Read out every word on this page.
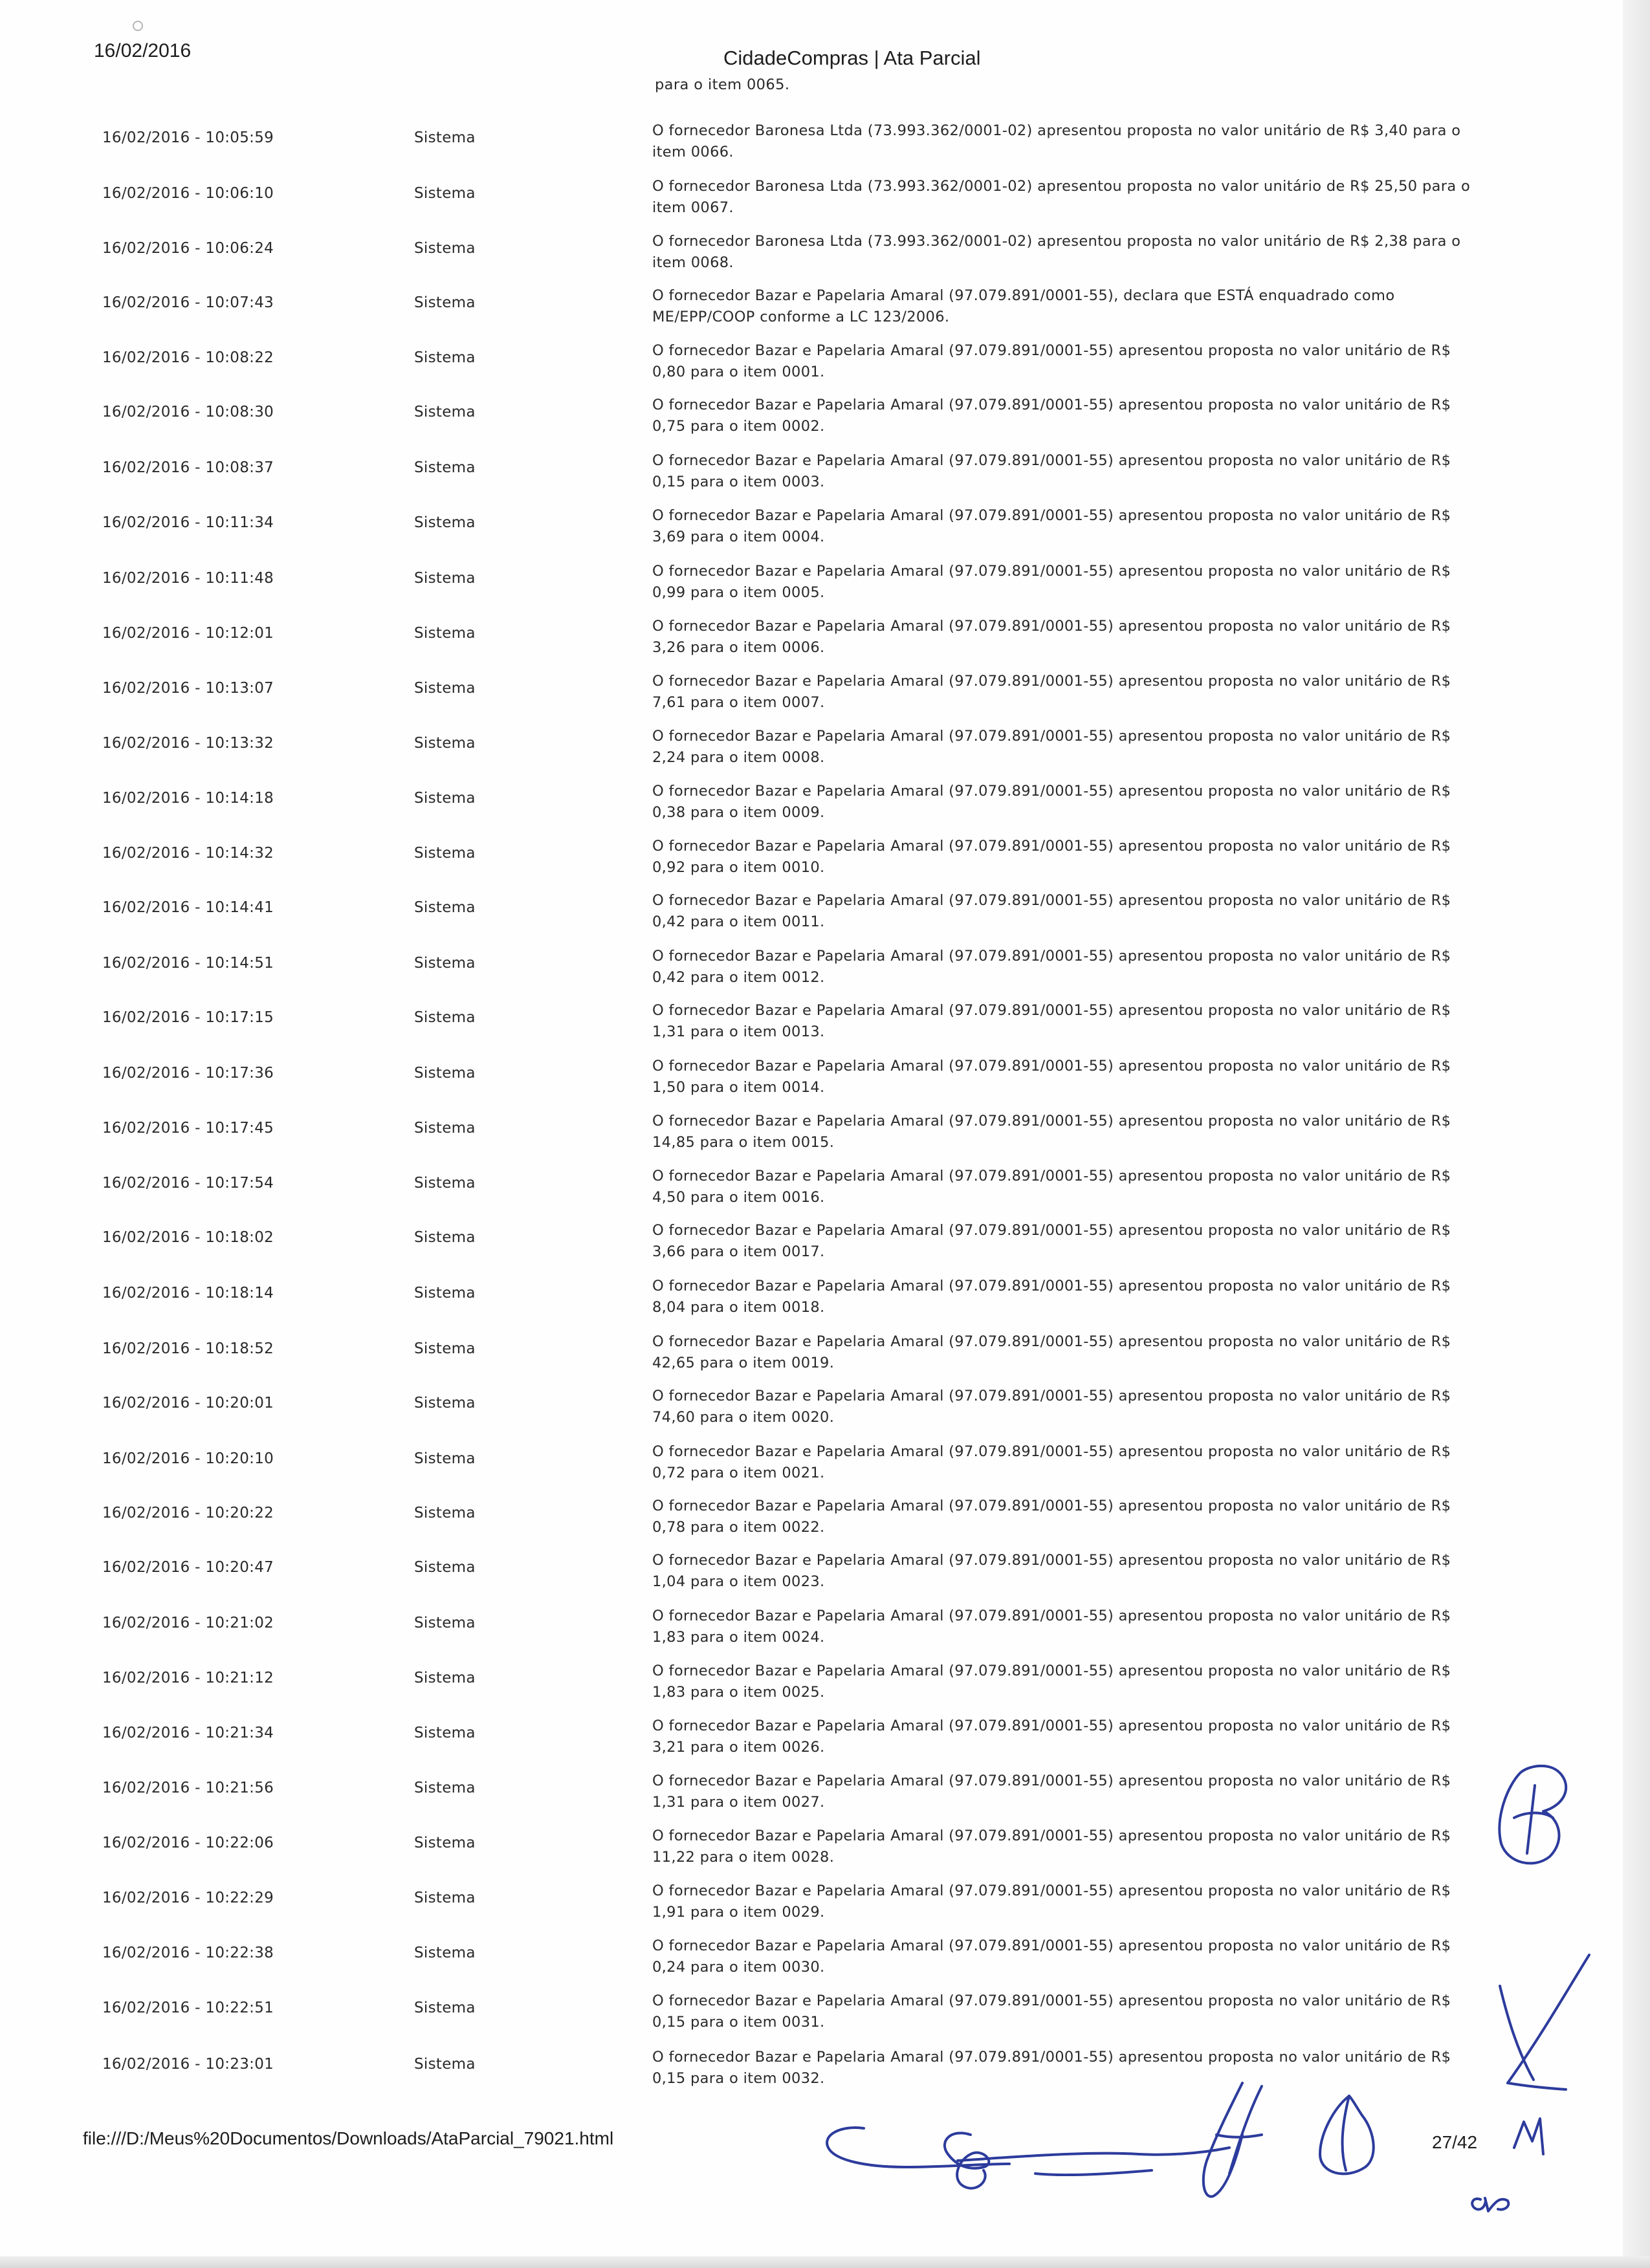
16/02/2016	CidadeCompras | Ata Parcial
para o item 0065.
16/02/2016 - 10:05:59	Sistema	O fornecedor Baronesa Ltda (73.993.362/0001-02) apresentou proposta no valor unitário de R$ 3,40 para o item 0066.
16/02/2016 - 10:06:10	Sistema	O fornecedor Baronesa Ltda (73.993.362/0001-02) apresentou proposta no valor unitário de R$ 25,50 para o item 0067.
16/02/2016 - 10:06:24	Sistema	O fornecedor Baronesa Ltda (73.993.362/0001-02) apresentou proposta no valor unitário de R$ 2,38 para o item 0068.
16/02/2016 - 10:07:43	Sistema	O fornecedor Bazar e Papelaria Amaral (97.079.891/0001-55), declara que ESTÁ enquadrado como ME/EPP/COOP conforme a LC 123/2006.
16/02/2016 - 10:08:22	Sistema	O fornecedor Bazar e Papelaria Amaral (97.079.891/0001-55) apresentou proposta no valor unitário de R$ 0,80 para o item 0001.
16/02/2016 - 10:08:30	Sistema	O fornecedor Bazar e Papelaria Amaral (97.079.891/0001-55) apresentou proposta no valor unitário de R$ 0,75 para o item 0002.
16/02/2016 - 10:08:37	Sistema	O fornecedor Bazar e Papelaria Amaral (97.079.891/0001-55) apresentou proposta no valor unitário de R$ 0,15 para o item 0003.
16/02/2016 - 10:11:34	Sistema	O fornecedor Bazar e Papelaria Amaral (97.079.891/0001-55) apresentou proposta no valor unitário de R$ 3,69 para o item 0004.
16/02/2016 - 10:11:48	Sistema	O fornecedor Bazar e Papelaria Amaral (97.079.891/0001-55) apresentou proposta no valor unitário de R$ 0,99 para o item 0005.
16/02/2016 - 10:12:01	Sistema	O fornecedor Bazar e Papelaria Amaral (97.079.891/0001-55) apresentou proposta no valor unitário de R$ 3,26 para o item 0006.
16/02/2016 - 10:13:07	Sistema	O fornecedor Bazar e Papelaria Amaral (97.079.891/0001-55) apresentou proposta no valor unitário de R$ 7,61 para o item 0007.
16/02/2016 - 10:13:32	Sistema	O fornecedor Bazar e Papelaria Amaral (97.079.891/0001-55) apresentou proposta no valor unitário de R$ 2,24 para o item 0008.
16/02/2016 - 10:14:18	Sistema	O fornecedor Bazar e Papelaria Amaral (97.079.891/0001-55) apresentou proposta no valor unitário de R$ 0,38 para o item 0009.
16/02/2016 - 10:14:32	Sistema	O fornecedor Bazar e Papelaria Amaral (97.079.891/0001-55) apresentou proposta no valor unitário de R$ 0,92 para o item 0010.
16/02/2016 - 10:14:41	Sistema	O fornecedor Bazar e Papelaria Amaral (97.079.891/0001-55) apresentou proposta no valor unitário de R$ 0,42 para o item 0011.
16/02/2016 - 10:14:51	Sistema	O fornecedor Bazar e Papelaria Amaral (97.079.891/0001-55) apresentou proposta no valor unitário de R$ 0,42 para o item 0012.
16/02/2016 - 10:17:15	Sistema	O fornecedor Bazar e Papelaria Amaral (97.079.891/0001-55) apresentou proposta no valor unitário de R$ 1,31 para o item 0013.
16/02/2016 - 10:17:36	Sistema	O fornecedor Bazar e Papelaria Amaral (97.079.891/0001-55) apresentou proposta no valor unitário de R$ 1,50 para o item 0014.
16/02/2016 - 10:17:45	Sistema	O fornecedor Bazar e Papelaria Amaral (97.079.891/0001-55) apresentou proposta no valor unitário de R$ 14,85 para o item 0015.
16/02/2016 - 10:17:54	Sistema	O fornecedor Bazar e Papelaria Amaral (97.079.891/0001-55) apresentou proposta no valor unitário de R$ 4,50 para o item 0016.
16/02/2016 - 10:18:02	Sistema	O fornecedor Bazar e Papelaria Amaral (97.079.891/0001-55) apresentou proposta no valor unitário de R$ 3,66 para o item 0017.
16/02/2016 - 10:18:14	Sistema	O fornecedor Bazar e Papelaria Amaral (97.079.891/0001-55) apresentou proposta no valor unitário de R$ 8,04 para o item 0018.
16/02/2016 - 10:18:52	Sistema	O fornecedor Bazar e Papelaria Amaral (97.079.891/0001-55) apresentou proposta no valor unitário de R$ 42,65 para o item 0019.
16/02/2016 - 10:20:01	Sistema	O fornecedor Bazar e Papelaria Amaral (97.079.891/0001-55) apresentou proposta no valor unitário de R$ 74,60 para o item 0020.
16/02/2016 - 10:20:10	Sistema	O fornecedor Bazar e Papelaria Amaral (97.079.891/0001-55) apresentou proposta no valor unitário de R$ 0,72 para o item 0021.
16/02/2016 - 10:20:22	Sistema	O fornecedor Bazar e Papelaria Amaral (97.079.891/0001-55) apresentou proposta no valor unitário de R$ 0,78 para o item 0022.
16/02/2016 - 10:20:47	Sistema	O fornecedor Bazar e Papelaria Amaral (97.079.891/0001-55) apresentou proposta no valor unitário de R$ 1,04 para o item 0023.
16/02/2016 - 10:21:02	Sistema	O fornecedor Bazar e Papelaria Amaral (97.079.891/0001-55) apresentou proposta no valor unitário de R$ 1,83 para o item 0024.
16/02/2016 - 10:21:12	Sistema	O fornecedor Bazar e Papelaria Amaral (97.079.891/0001-55) apresentou proposta no valor unitário de R$ 1,83 para o item 0025.
16/02/2016 - 10:21:34	Sistema	O fornecedor Bazar e Papelaria Amaral (97.079.891/0001-55) apresentou proposta no valor unitário de R$ 3,21 para o item 0026.
16/02/2016 - 10:21:56	Sistema	O fornecedor Bazar e Papelaria Amaral (97.079.891/0001-55) apresentou proposta no valor unitário de R$ 1,31 para o item 0027.
16/02/2016 - 10:22:06	Sistema	O fornecedor Bazar e Papelaria Amaral (97.079.891/0001-55) apresentou proposta no valor unitário de R$ 11,22 para o item 0028.
16/02/2016 - 10:22:29	Sistema	O fornecedor Bazar e Papelaria Amaral (97.079.891/0001-55) apresentou proposta no valor unitário de R$ 1,91 para o item 0029.
16/02/2016 - 10:22:38	Sistema	O fornecedor Bazar e Papelaria Amaral (97.079.891/0001-55) apresentou proposta no valor unitário de R$ 0,24 para o item 0030.
16/02/2016 - 10:22:51	Sistema	O fornecedor Bazar e Papelaria Amaral (97.079.891/0001-55) apresentou proposta no valor unitário de R$ 0,15 para o item 0031.
16/02/2016 - 10:23:01	Sistema	O fornecedor Bazar e Papelaria Amaral (97.079.891/0001-55) apresentou proposta no valor unitário de R$ 0,15 para o item 0032.
file:///D:/Meus%20Documentos/Downloads/AtaParcial_79021.html	27/42
